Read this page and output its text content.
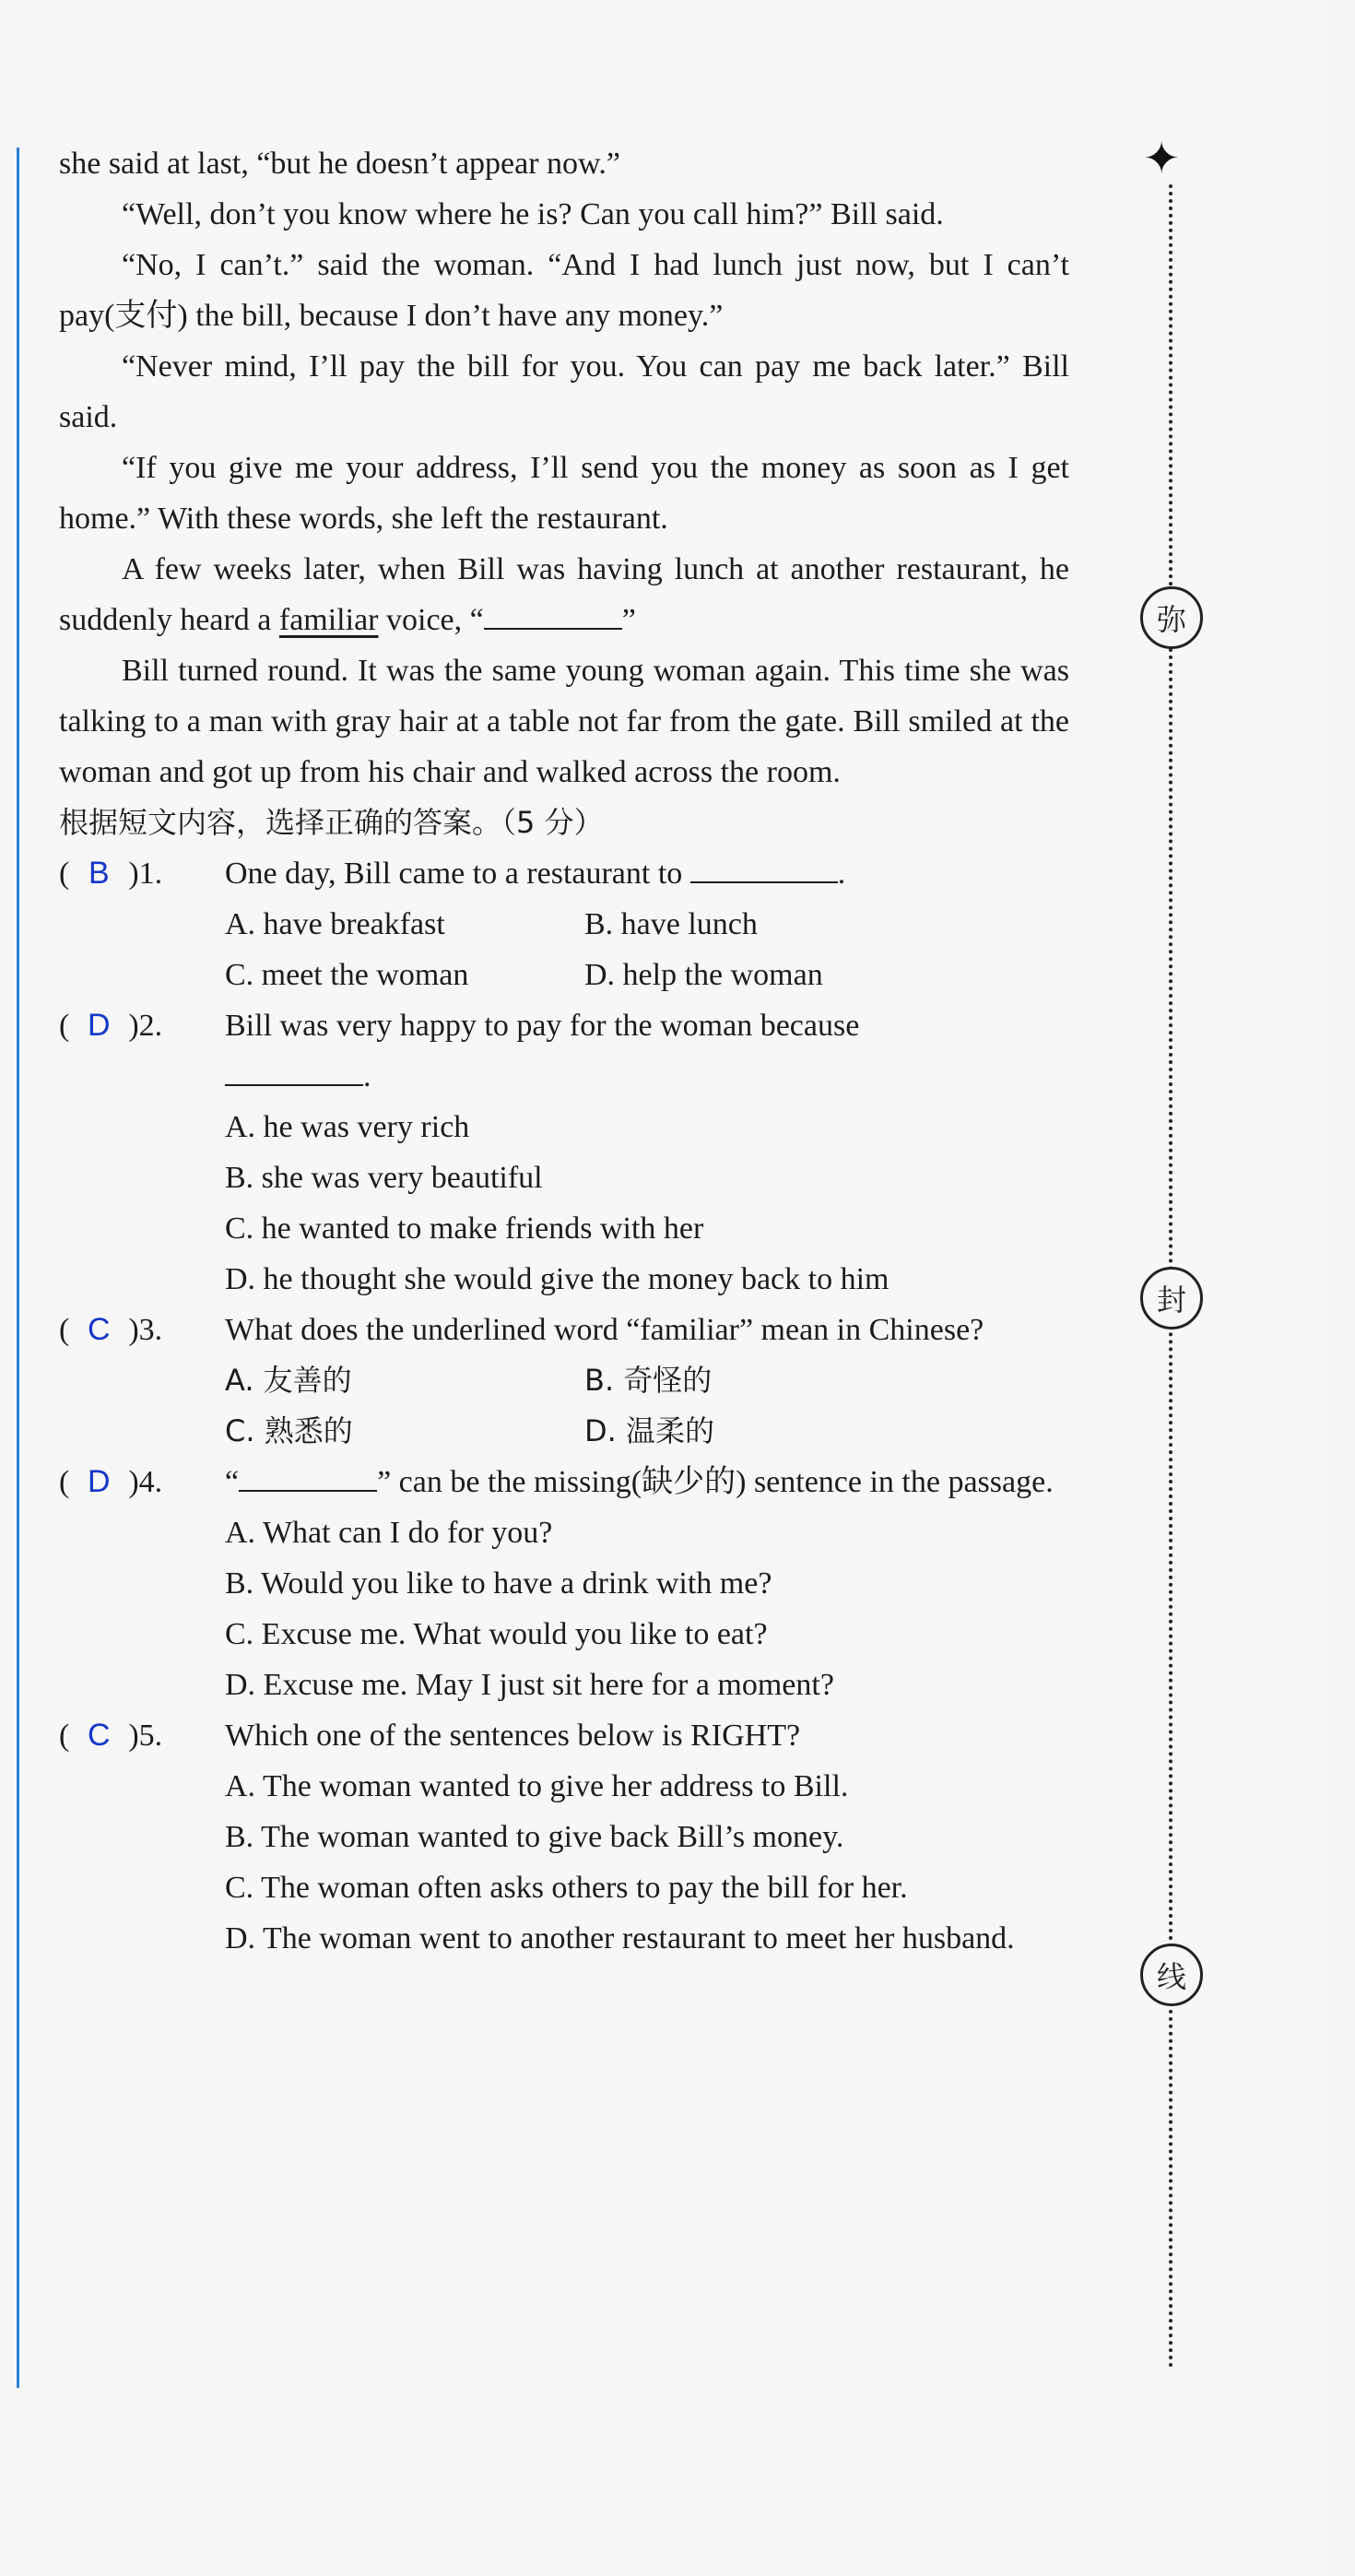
she said at last, “but he doesn’t appear now.”

“Well, don’t you know where he is? Can you call him?” Bill said.

“No, I can’t.” said the woman. “And I had lunch just now, but I can’t pay(支付) the bill, because I don’t have any money.”

“Never mind, I’ll pay the bill for you. You can pay me back later.” Bill said.

“If you give me your address, I’ll send you the money as soon as I get home.” With these words, she left the restaurant.

A few weeks later, when Bill was having lunch at another restaurant, he suddenly heard a familiar voice, “	”

Bill turned round. It was the same young woman again. This time she was talking to a man with gray hair at a table not far from the gate. Bill smiled at the woman and got up from his chair and walked across the room.

根据短文内容，选择正确的答案。（5 分）

( B )1.	One day, Bill came to a restaurant to	.
A. have breakfast	B. have lunch
C. meet the woman	D. help the woman
( D )2.	Bill was very happy to pay for the woman because
.
A. he was very rich
B. she was very beautiful
C. he wanted to make friends with her
D. he thought she would give the money back to him
( C )3.	What does the underlined word “familiar” mean in Chinese?
A. 友善的	B. 奇怪的
C. 熟悉的	D. 温柔的
( D )4.	“	” can be the missing(缺少的) sentence in the passage.
A. What can I do for you?
B. Would you like to have a drink with me?
C. Excuse me. What would you like to eat?
D. Excuse me. May I just sit here for a moment?
( C )5.	Which one of the sentences below is RIGHT?
A. The woman wanted to give her address to Bill.
B. The woman wanted to give back Bill’s money.
C. The woman often asks others to pay the bill for her.
D. The woman went to another restaurant to meet her husband.
✦
弥
封
线
